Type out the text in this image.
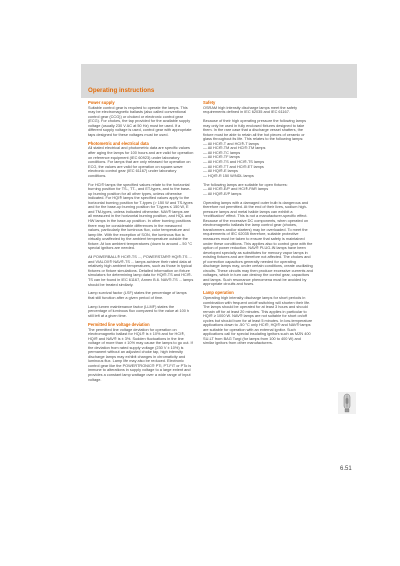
Operating instructions

Power supply

Suitable control gear is required to operate the lamps. This may be electromagnetic ballasts (also called conventional control gear (CCG)) or choked or electronic control gear (ECG). For chokes, the tap provided for the available supply voltage (usually 230 V AC at 50 Hz) must be used. If a different supply voltage is used, control gear with appropriate taps designed for these voltages must be used.

Photometric and electrical data

All stated electrical and photometric data are specific values after aging the lamps for 100 hours and are valid for operation on reference equipment (IEC 60923) under laboratory conditions. For lamps that are only released for operation on ECG, the values are valid for operation on square-wave electronic control gear (IEC 61167) under laboratory conditions.

For HCI® lamps the specified values relate to the horizontal burning position for TS-, TT-, and ET-types, and to the base-up burning position for all other types, unless otherwise indicated. For HQI® lamps the specified values apply to the horizontal burning position for T-types (> 150 W and TS-types and for the base-up burning position for T-types ≤ 150 W, E and TM-types, unless indicated otherwise. NAV® lamps are all measured in the horizontal burning position, and HQL and HW lamps in the base-up position. In other burning positions there may be considerable differences in the measured values, particularly the luminous flux, color temperature and lamp life. With the exception of SON, the luminous flux is virtually unaffected by the ambient temperature outside the fixture. At low ambient temperatures (down to around – 50 °C special ignitors are needed.

All POWERBALL® HCI®-TS ..., POWERSTAR® HQI®-TS ... and VIALOX® NAV®-TS ... lamps achieve their rated data at relatively high ambient temperatures, such as those in typical fixtures or fixture simulations. Detailed information on fixture simulators for determining lamp data for HQI®-TS and HCI®-TS can be found in IEC 61167, Annex B.6. NAV®-TS ... lamps should be treated similarly.

Lamp survival factor (LSF) states the percentage of lamps that still function after a given period of time.

Lamp lumen maintenance factor (LLMF) states the percentage of luminous flux compared to the value at 100 h still left at a given time.

Permitted line voltage deviation

The permitted line voltage deviation for operation on electromagnetic ballast for HQL® is ± 10% and for HCI®, HQI® and NAV® is ± 3%. Sudden fluctuations in the line voltage of more than ± 10% may cause the lamps to go out. If the deviation from rated supply voltage (230 V ± 10%) is permanent without an adjusted choke tap, high intensity discharge lamps may exhibit changes in chromaticity and luminous flux. Lamp life may also be reduced. Electronic control gear like the POWERTRONIC® PTi, PT-FIT or PTo is immune to alterations in supply voltage to a large extent and provides a constant lamp wattage over a wide range of input voltage.

Safety

OSRAM high intensity discharge lamps meet the safety requirements defined in IEC 62035 and IEC 61167.

Because of their high operating pressure the following lamps may only be used in fully enclosed fixtures designed to take them. In the rare case that a discharge vessel shatters, the fixture must be able to retain all the hot pieces of ceramic or glass throughout its life. This relates to the following lamps:

— All HCI®-T and HCI®-T lamps
— All HCI®-TM and HCI®-TM lamps
— All HCI®-TC lamps
— All HCI®-TF lamps
— All HCI®-TS and HCI®-TS lamps
— All HCI®-TT and HCI®-ET lamps
— All HQI®-E lamps
— HQI®-R 150 W/NDL lamps

The following lamps are suitable for open fixtures:

— All HCI®-E/P and HCI®-PAR lamps
— All HQI®-E/P lamps

Operating lamps with a damaged outer bulb is dangerous and therefore not permitted. At the end of their lives, sodium high-pressure lamps and metal halide lamps can exhibit a “rectification” effect. This is not a manufacturer-specific effect. Because of the excessive DC components, when operated on electromagnetic ballasts the lamp control gear (chokes, transformers and/or starters) may be overloaded. To meet the requirements of IEC 62035 therefore, suitable protective measures must be taken to ensure that safety is maintained under these conditions. This applies also to control gear with the option of power reduction. NAV® PLUG-IN lamps have been developed specially as substitutes for mercury vapor lamps in existing fixtures and are therefore not affected. The chokes and pf correction capacitors generally needed for operating discharge lamps may, under certain conditions, create oscillating circuits. These circuits may then produce excessive currents and voltages, which in turn can destroy the control gear, capacitors and lamps. Such resonance phenomena must be avoided by appropriate circuits and fuses.

Lamp operation

Operating high intensity discharge lamps for short periods in combination with frequent on/off switching will shorten their life. The lamps should be operated for at least 3 hours and should remain off for at least 20 minutes. This applies in particular to HQI® ≥ 1000 W. NAV® lamps are not suitable for short on/off cycles but should burn for at least 5 minutes. In low-temperature applications down to -50 °C only HCI®, HQI® and NAV® lamps are suitable for operation with an external ignitor. Such applications call for special insulating ignitors such as MZN 400 SU-LT from BAG Turgi (for lamps from 100 to 400 W) and similar ignitors from other manufacturers.

6.51
